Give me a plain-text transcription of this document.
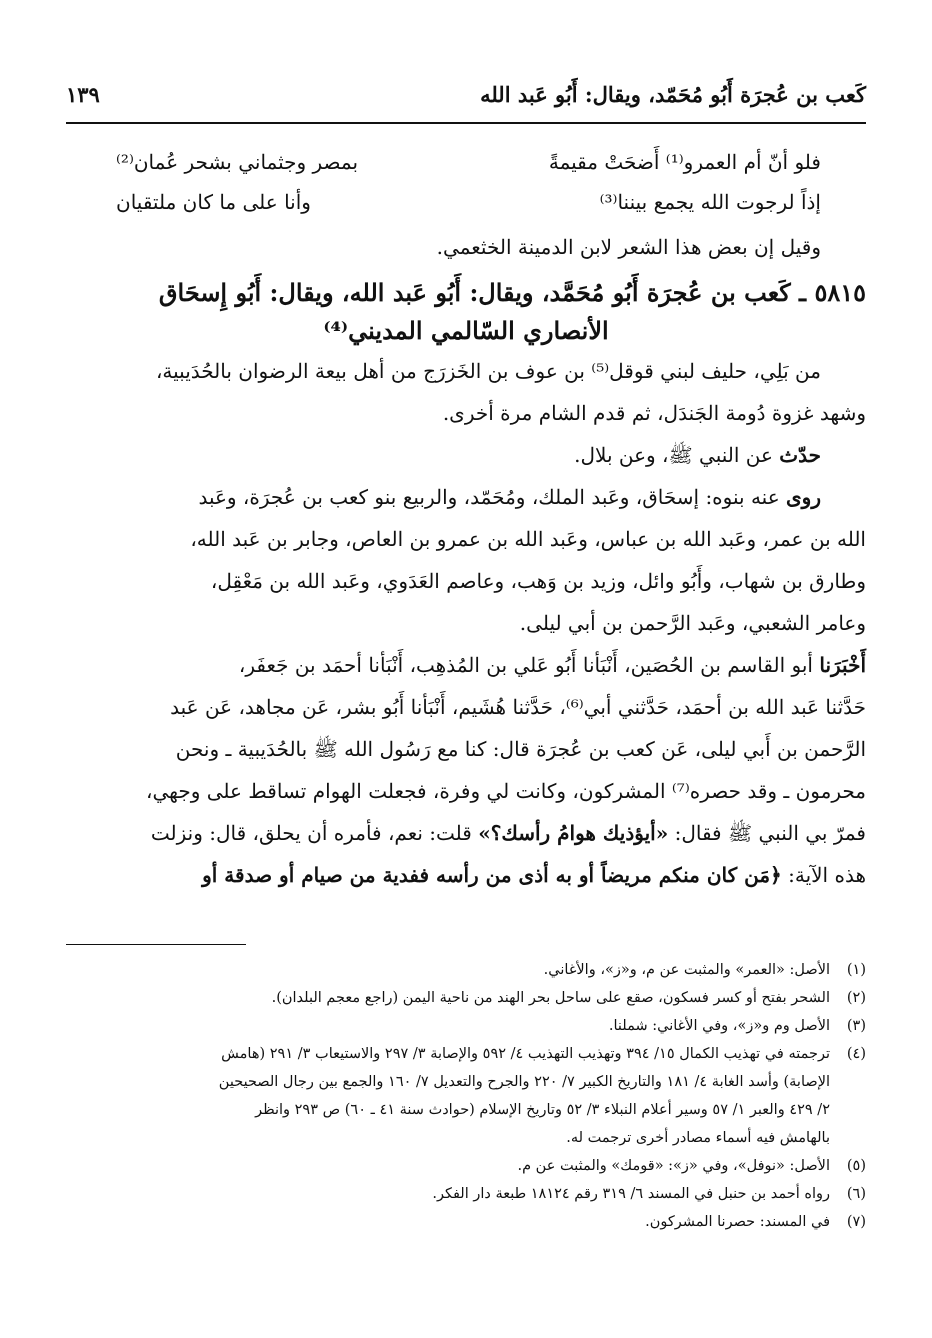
كَعب بن عُجرَة أَبُو مُحَمّد، ويقال: أَبُو عَبد الله
١٣٩
فلو أنّ أم العمرو⁽¹⁾ أَضحَتْ مقيمةً
بمصر وجثماني بشحر عُمان⁽²⁾
إذاً لرجوت الله يجمع بيننا⁽³⁾
وأنا على ما كان ملتقيان
وقيل إن بعض هذا الشعر لابن الدمينة الخثعمي.
٥٨١٥ ـ كَعب بن عُجرَة أَبُو مُحَمَّد، ويقال: أَبُو عَبد الله، ويقال: أَبُو إِسحَاق
الأنصاري السّالمي المديني⁽⁴⁾
من بَلِي، حليف لبني قوقل⁽⁵⁾ بن عوف بن الخَزرَج من أهل بيعة الرضوان بالحُدَيبية،
وشهد غزوة دُومة الجَندَل، ثم قدم الشام مرة أخرى.
حدّث عن النبي ﷺ، وعن بلال.
روى عنه بنوه: إسحَاق، وعَبد الملك، ومُحَمّد، والربيع بنو كعب بن عُجرَة، وعَبد
الله بن عمر، وعَبد الله بن عباس، وعَبد الله بن عمرو بن العاص، وجابر بن عَبد الله،
وطارق بن شهاب، وأَبُو وائل، وزيد بن وَهب، وعاصم العَدَوي، وعَبد الله بن مَعْقِل،
وعامر الشعبي، وعَبد الرَّحمن بن أبي ليلى.
أَخْبَرَنا أبو القاسم بن الحُصَين، أَنْبَأنا أَبُو عَلي بن المُذهِب، أَنْبَأنا أحمَد بن جَعفَر،
حَدَّثنا عَبد الله بن أحمَد، حَدَّثني أبي⁽⁶⁾، حَدَّثنا هُشَيم، أَنْبَأنا أَبُو بشر، عَن مجاهد، عَن عَبد
الرَّحمن بن أَبي ليلى، عَن كعب بن عُجرَة قال: كنا مع رَسُول الله ﷺ بالحُدَيبية ـ ونحن
محرمون ـ وقد حصره⁽⁷⁾ المشركون، وكانت لي وفرة، فجعلت الهوام تساقط على وجهي،
فمرّ بي النبي ﷺ فقال: «أيؤذيك هوامُ رأسك؟» قلت: نعم، فأمره أن يحلق، قال: ونزلت
هذه الآية: ﴿مَن كان منكم مريضاً أو به أذى من رأسه ففدية من صيام أو صدقة أو
(١)
الأصل: «العمر» والمثبت عن م، و«ز»، والأغاني.
(٢)
الشحر بفتح أو كسر فسكون، صقع على ساحل بحر الهند من ناحية اليمن (راجع معجم البلدان).
(٣)
الأصل وم و«ز»، وفي الأغاني: شملنا.
(٤)
ترجمته في تهذيب الكمال ١٥/ ٣٩٤ وتهذيب التهذيب ٤/ ٥٩٢ والإصابة ٣/ ٢٩٧ والاستيعاب ٣/ ٢٩١ (هامش
الإصابة) وأسد الغابة ٤/ ١٨١ والتاريخ الكبير ٧/ ٢٢٠ والجرح والتعديل ٧/ ١٦٠ والجمع بين رجال الصحيحين
٢/ ٤٢٩ والعبر ١/ ٥٧ وسير أعلام النبلاء ٣/ ٥٢ وتاريخ الإسلام (حوادث سنة ٤١ ـ ٦٠) ص ٢٩٣ وانظر
بالهامش فيه أسماء مصادر أخرى ترجمت له.
(٥)
الأصل: «نوفل»، وفي «ز»: «قومك» والمثبت عن م.
(٦)
رواه أحمد بن حنبل في المسند ٦/ ٣١٩ رقم ١٨١٢٤ طبعة دار الفكر.
(٧)
في المسند: حصرنا المشركون.
